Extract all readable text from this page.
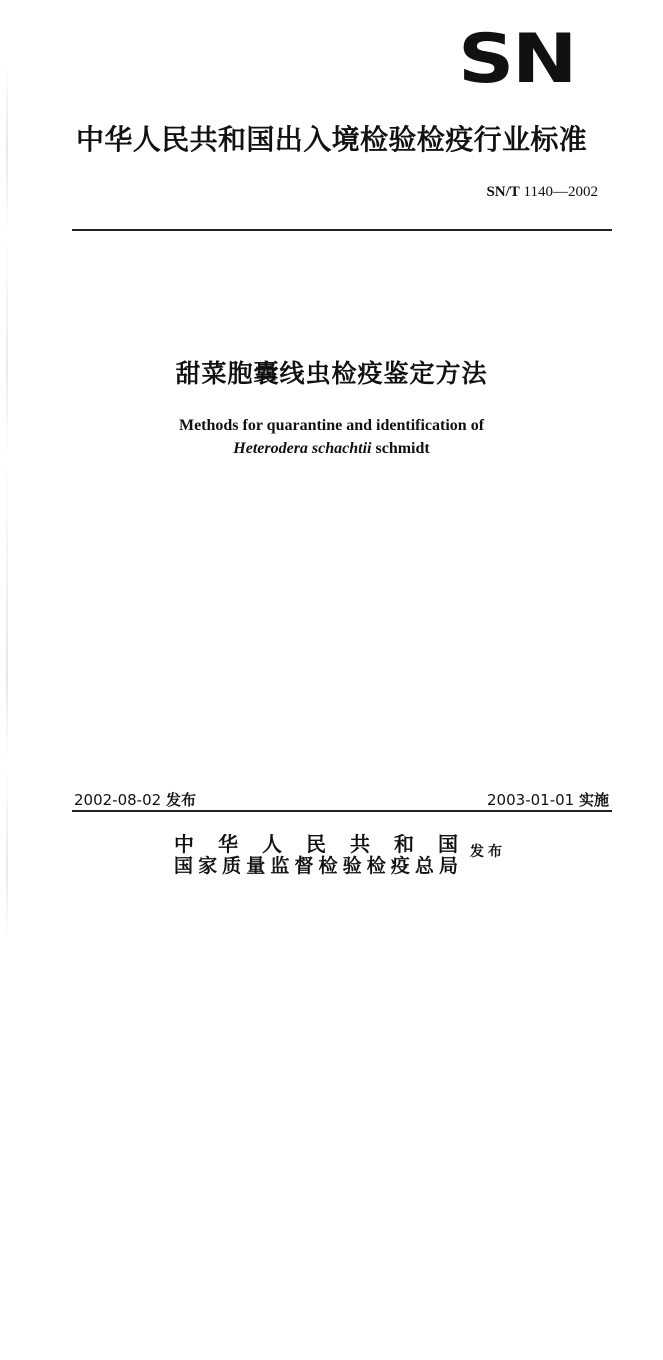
SN
中华人民共和国出入境检验检疫行业标准
SN/T 1140—2002
甜菜胞囊线虫检疫鉴定方法
Methods for quarantine and identification of
Heterodera schachtii schmidt
2002-08-02 发布	2003-01-01 实施
中华人民共和国
国家质量监督检验检疫总局
发布
